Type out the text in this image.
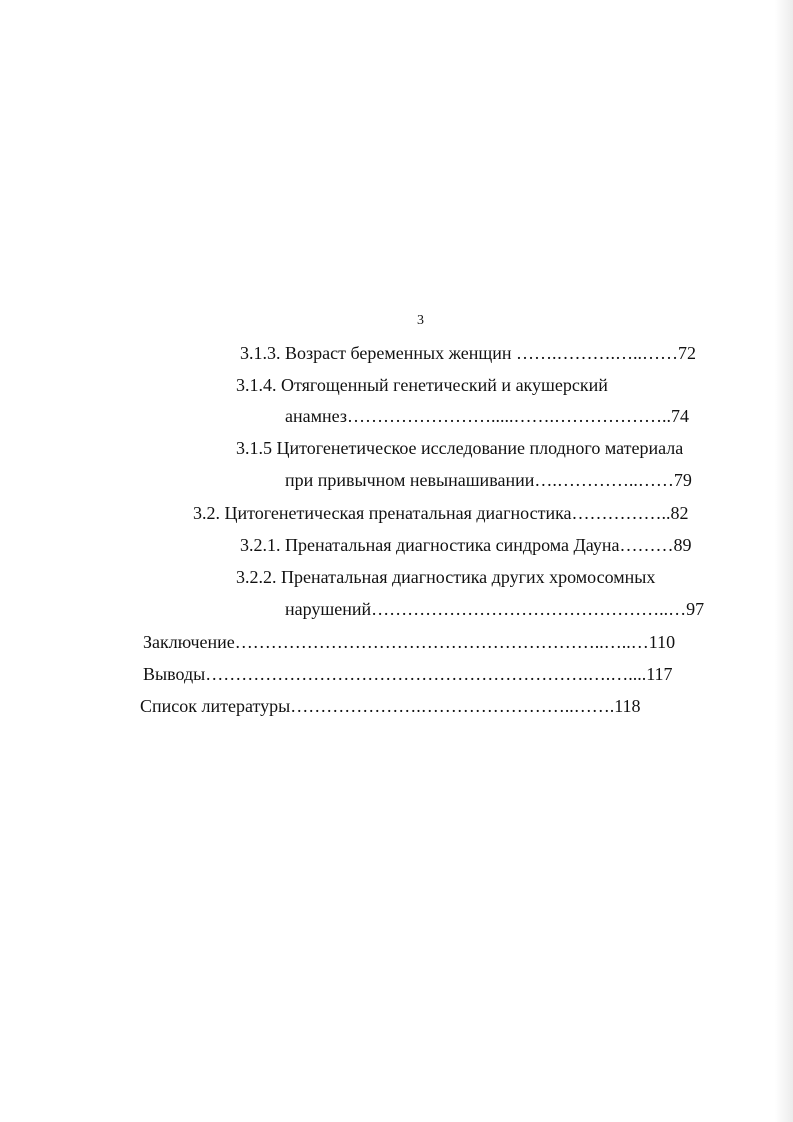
3
3.1.3. Возраст беременных женщин …….……….…..……72
3.1.4. Отягощенный генетический и акушерский
анамнез…………………….....…….………………..74
3.1.5 Цитогенетическое исследование плодного материала
при привычном невынашивании….…………..……79
3.2. Цитогенетическая пренатальная диагностика……………..82
3.2.1. Пренатальная диагностика синдрома Дауна………89
3.2.2. Пренатальная диагностика других хромосомных
нарушений…………………………………………..…97
Заключение……………………………………………………..…..…110
Выводы……………………………………………………….….…....117
Список литературы………………….……………………..…….118
